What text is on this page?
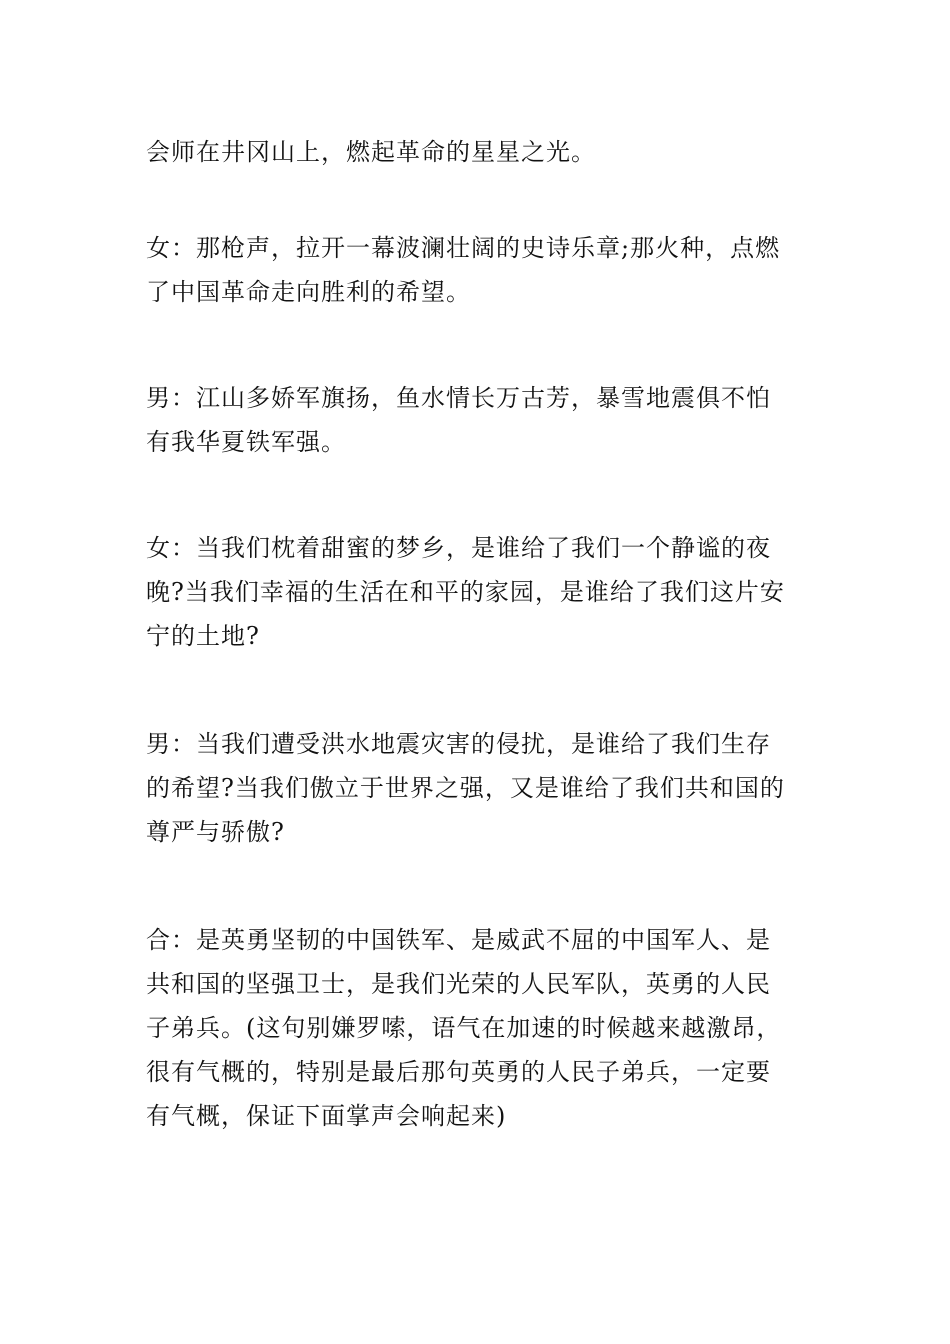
会师在井冈山上，燃起革命的星星之光。

女：那枪声，拉开一幕波澜壮阔的史诗乐章;那火种，点燃
了中国革命走向胜利的希望。

男：江山多娇军旗扬，鱼水情长万古芳，暴雪地震俱不怕
有我华夏铁军强。

女：当我们枕着甜蜜的梦乡，是谁给了我们一个静谧的夜
晚?当我们幸福的生活在和平的家园，是谁给了我们这片安
宁的土地?

男：当我们遭受洪水地震灾害的侵扰，是谁给了我们生存
的希望?当我们傲立于世界之强，又是谁给了我们共和国的
尊严与骄傲?

合：是英勇坚韧的中国铁军、是威武不屈的中国军人、是
共和国的坚强卫士，是我们光荣的人民军队，英勇的人民
子弟兵。(这句别嫌罗嗦，语气在加速的时候越来越激昂，
很有气概的，特别是最后那句英勇的人民子弟兵，一定要
有气概，保证下面掌声会响起来)
